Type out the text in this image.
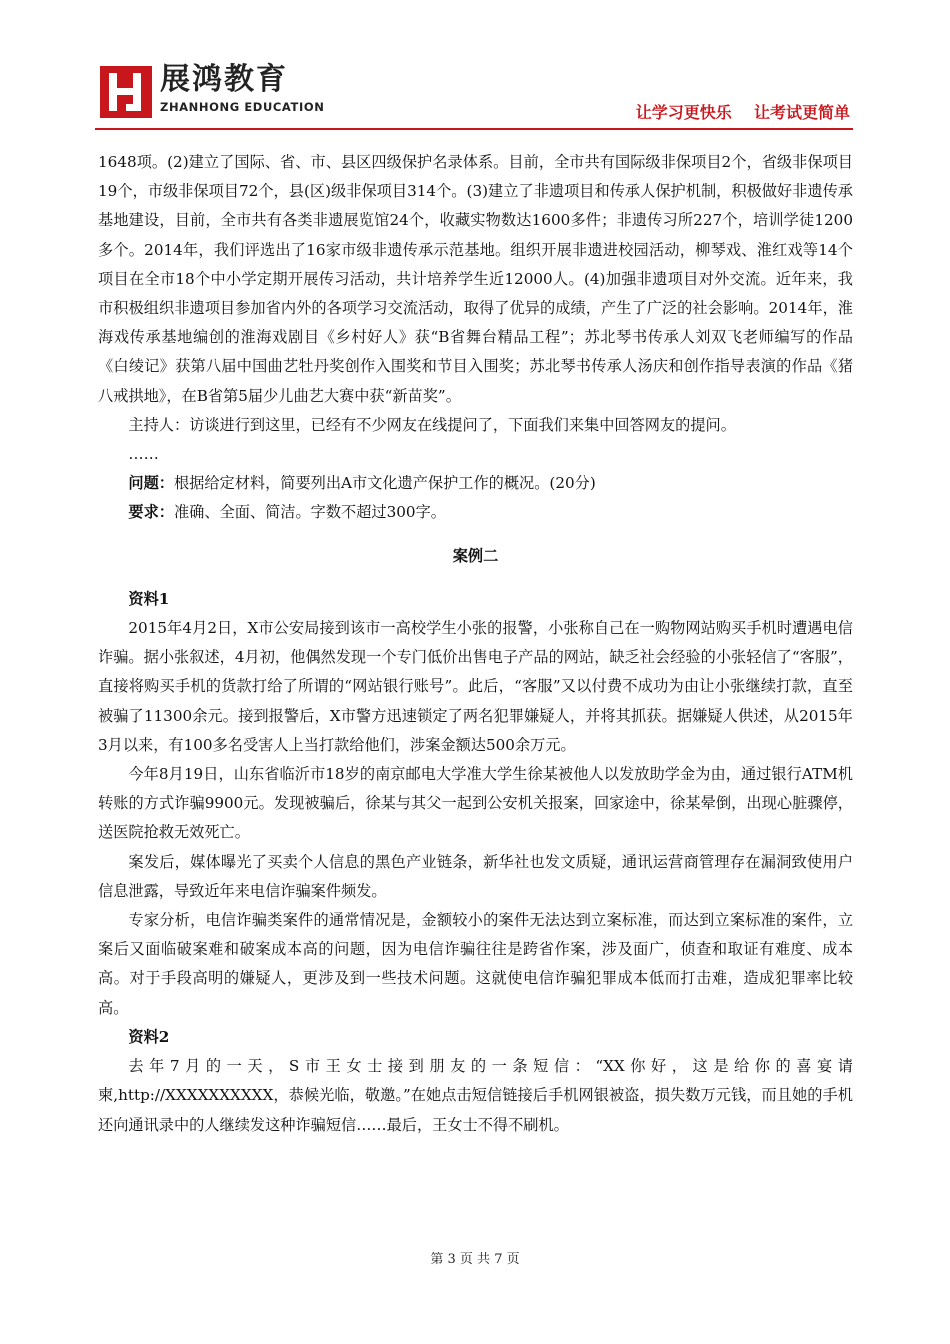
展鸿教育
ZHANHONG EDUCATION	让学习更快乐    让考试更简单

1648项。(2)建立了国际、省、市、县区四级保护名录体系。目前，全市共有国际级非保项目2个，省级非保项目19个，市级非保项目72个，县(区)级非保项目314个。(3)建立了非遗项目和传承人保护机制，积极做好非遗传承基地建设，目前，全市共有各类非遗展览馆24个，收藏实物数达1600多件；非遗传习所227个，培训学徒1200多个。2014年，我们评选出了16家市级非遗传承示范基地。组织开展非遗进校园活动，柳琴戏、淮红戏等14个项目在全市18个中小学定期开展传习活动，共计培养学生近12000人。(4)加强非遗项目对外交流。近年来，我市积极组织非遗项目参加省内外的各项学习交流活动，取得了优异的成绩，产生了广泛的社会影响。2014年，淮海戏传承基地编创的淮海戏剧目《乡村好人》获“B省舞台精品工程”；苏北琴书传承人刘双飞老师编写的作品《白绫记》获第八届中国曲艺牡丹奖创作入围奖和节目入围奖；苏北琴书传承人汤庆和创作指导表演的作品《猪八戒拱地》，在B省第5届少儿曲艺大赛中获“新苗奖”。

主持人：访谈进行到这里，已经有不少网友在线提问了，下面我们来集中回答网友的提问。

……

问题：根据给定材料，简要列出A市文化遗产保护工作的概况。(20分)

要求：准确、全面、简洁。字数不超过300字。

案例二

资料1

2015年4月2日，X市公安局接到该市一高校学生小张的报警，小张称自己在一购物网站购买手机时遭遇电信诈骗。据小张叙述，4月初，他偶然发现一个专门低价出售电子产品的网站，缺乏社会经验的小张轻信了“客服”，直接将购买手机的货款打给了所谓的“网站银行账号”。此后，“客服”又以付费不成功为由让小张继续打款，直至被骗了11300余元。接到报警后，X市警方迅速锁定了两名犯罪嫌疑人，并将其抓获。据嫌疑人供述，从2015年3月以来，有100多名受害人上当打款给他们，涉案金额达500余万元。

今年8月19日，山东省临沂市18岁的南京邮电大学准大学生徐某被他人以发放助学金为由，通过银行ATM机转账的方式诈骗9900元。发现被骗后，徐某与其父一起到公安机关报案，回家途中，徐某晕倒，出现心脏骤停，送医院抢救无效死亡。

案发后，媒体曝光了买卖个人信息的黑色产业链条，新华社也发文质疑，通讯运营商管理存在漏洞致使用户信息泄露，导致近年来电信诈骗案件频发。

专家分析，电信诈骗类案件的通常情况是，金额较小的案件无法达到立案标准，而达到立案标准的案件，立案后又面临破案难和破案成本高的问题，因为电信诈骗往往是跨省作案，涉及面广，侦查和取证有难度、成本高。对于手段高明的嫌疑人，更涉及到一些技术问题。这就使电信诈骗犯罪成本低而打击难，造成犯罪率比较高。

资料2

去年7月的一天，S市王女士接到朋友的一条短信：“XX你好，这是给你的喜宴请柬,http://XXXXXXXXXX，恭候光临，敬邀。”在她点击短信链接后手机网银被盗，损失数万元钱，而且她的手机还向通讯录中的人继续发这种诈骗短信……最后，王女士不得不刷机。

第 3 页 共 7 页
